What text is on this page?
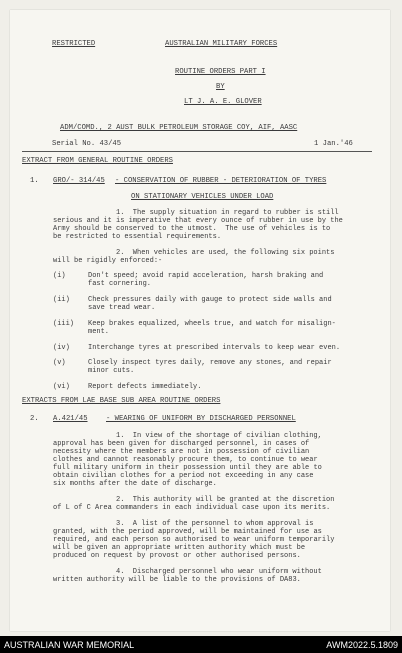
RESTRICTED	AUSTRALIAN MILITARY FORCES
ROUTINE ORDERS PART I
BY
LT J. A. E. GLOVER
ADM/COMD., 2 AUST BULK PETROLEUM STORAGE COY, AIF, AASC
Serial No. 43/45	1 Jan.'46
EXTRACT FROM GENERAL ROUTINE ORDERS
1. GRO/- 314/45 - CONSERVATION OF RUBBER - DETERIORATION OF TYRES
ON STATIONARY VEHICLES UNDER LOAD
1.  The supply situation in regard to rubber is still
serious and it is imperative that every ounce of rubber in use by the
Army should be conserved to the utmost.  The use of vehicles is to
be restricted to essential requirements.
2.  When vehicles are used, the following six points
will be rigidly enforced:-
(i)	Don't speed; avoid rapid acceleration, harsh braking and
fast cornering.
(ii)	Check pressures daily with gauge to protect side walls and
save tread wear.
(iii) Keep brakes equalized, wheels true, and watch for misalign-
ment.
(iv)	Interchange tyres at prescribed intervals to keep wear even.
(v)	Closely inspect tyres daily, remove any stones, and repair
minor cuts.
(vi)	Report defects immediately.
EXTRACTS FROM LAE BASE SUB AREA ROUTINE ORDERS
2. A.421/45	- WEARING OF UNIFORM BY DISCHARGED PERSONNEL
1.  In view of the shortage of civilian clothing,
approval has been given for discharged personnel, in cases of
necessity where the members are not in possession of civilian
clothes and cannot reasonably procure them, to continue to wear
full military uniform in their possession until they are able to
obtain civilian clothes for a period not exceeding in any case
six months after the date of discharge.
2.  This authority will be granted at the discretion
of L of C Area commanders in each individual case upon its merits.
3.  A list of the personnel to whom approval is
granted, with the period approved, will be maintained for use as
required, and each person so authorised to wear uniform temporarily
will be given an appropriate written authority which must be
produced on request by provost or other authorised persons.
4.  Discharged personnel who wear uniform without
written authority will be liable to the provisions of DA83.
AUSTRALIAN WAR MEMORIAL	AWM2022.5.1809
